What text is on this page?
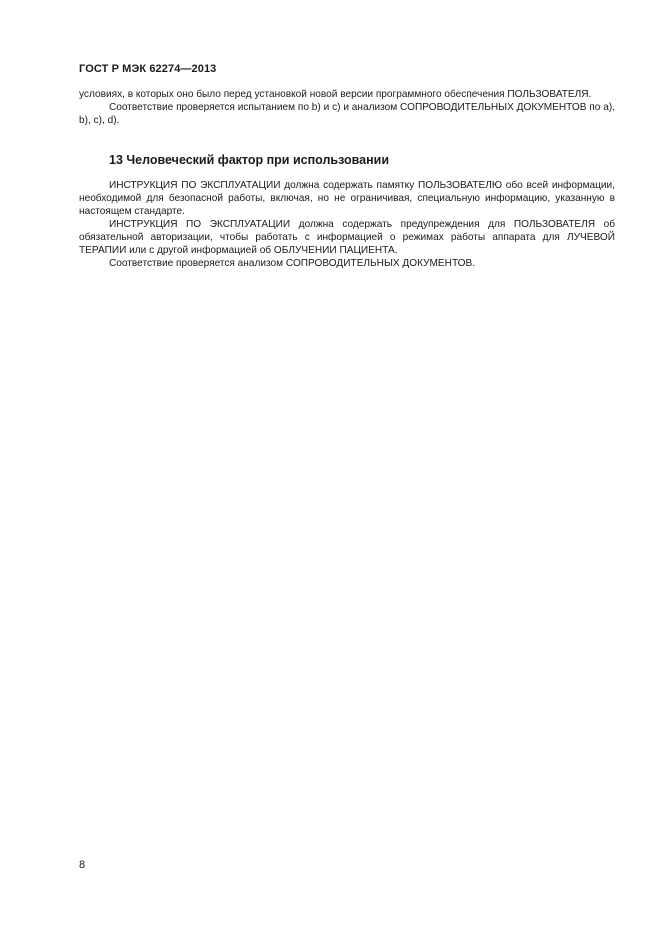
ГОСТ Р МЭК 62274—2013

условиях, в которых оно было перед установкой новой версии программного обеспечения ПОЛЬЗОВАТЕЛЯ.

Соответствие проверяется испытанием по b) и c) и анализом СОПРОВОДИТЕЛЬНЫХ ДОКУМЕНТОВ по a), b), c), d).

13 Человеческий фактор при использовании

ИНСТРУКЦИЯ ПО ЭКСПЛУАТАЦИИ должна содержать памятку ПОЛЬЗОВАТЕЛЮ обо всей информации, необходимой для безопасной работы, включая, но не ограничивая, специальную информацию, указанную в настоящем стандарте.

ИНСТРУКЦИЯ ПО ЭКСПЛУАТАЦИИ должна содержать предупреждения для ПОЛЬЗОВАТЕЛЯ об обязательной авторизации, чтобы работать с информацией о режимах работы аппарата для ЛУЧЕВОЙ ТЕРАПИИ или с другой информацией об ОБЛУЧЕНИИ ПАЦИЕНТА.

Соответствие проверяется анализом СОПРОВОДИТЕЛЬНЫХ ДОКУМЕНТОВ.

8
